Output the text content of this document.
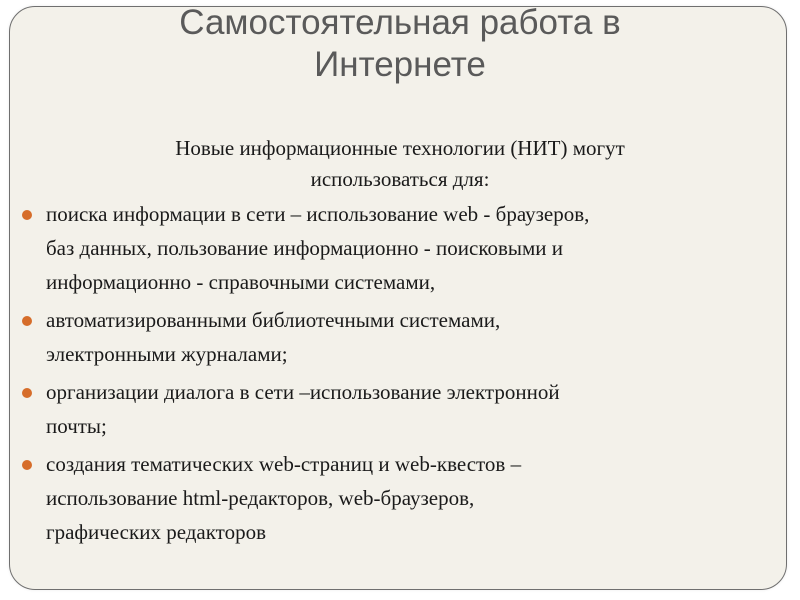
Самостоятельная работа в
Интернете
Новые информационные технологии (НИТ) могут
использоваться для:
поиска информации в сети – использование web - браузеров,
баз данных, пользование информационно - поисковыми и
информационно - справочными системами,
автоматизированными библиотечными системами,
электронными журналами;
организации диалога в сети –использование электронной
почты;
создания тематических web-страниц и web-квестов –
использование html-редакторов, web-браузеров,
графических редакторов
